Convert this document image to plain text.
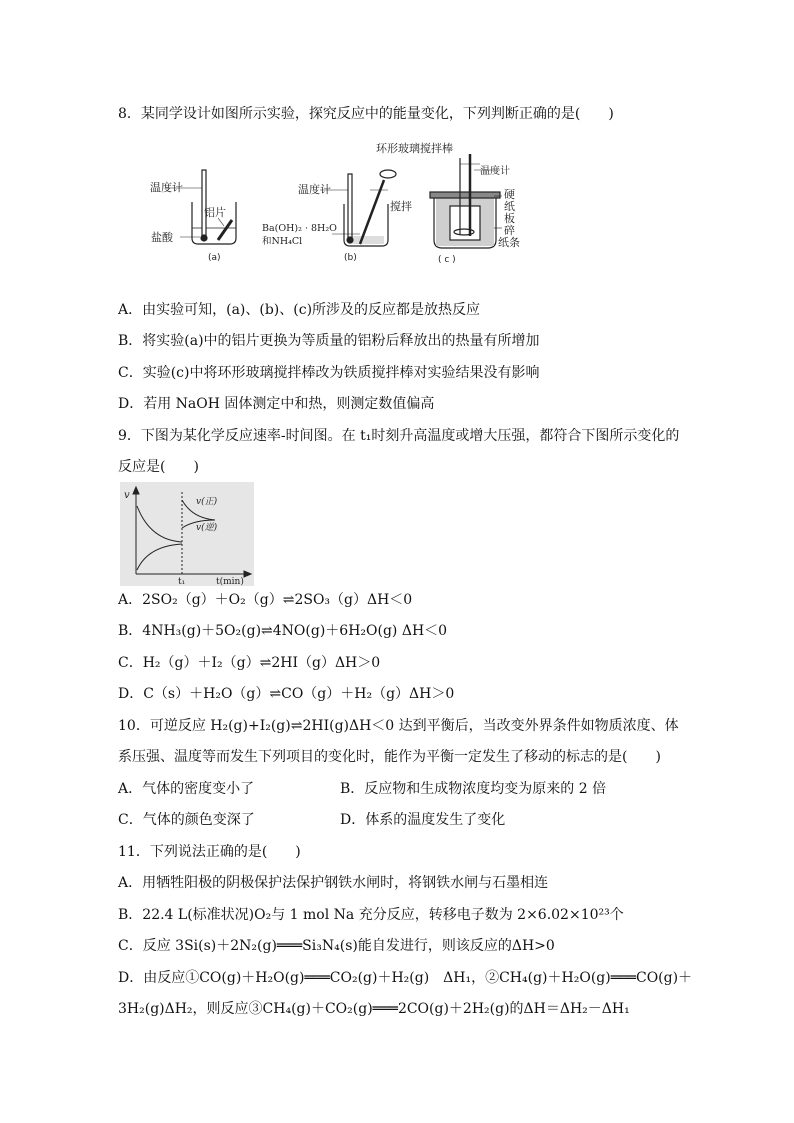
8．某同学设计如图所示实验，探究反应中的能量变化，下列判断正确的是(　　)
温度计
铝片
盐酸
(a)
温度计
搅拌
Ba(OH)₂ · 8H₂O
和NH₄Cl
(b)
环形玻璃搅拌棒
温度计
硬
纸
板
碎
纸条
( c )
A．由实验可知，(a)、(b)、(c)所涉及的反应都是放热反应
B．将实验(a)中的铝片更换为等质量的铝粉后释放出的热量有所增加
C．实验(c)中将环形玻璃搅拌棒改为铁质搅拌棒对实验结果没有影响
D．若用 NaOH 固体测定中和热，则测定数值偏高
9．下图为某化学反应速率-时间图。在 t₁时刻升高温度或增大压强，都符合下图所示变化的
反应是(　　)
v
v(正)
v(逆)
t₁	t(min)
A．2SO₂（g）＋O₂（g）⇌2SO₃（g）ΔH＜0
B．4NH₃(g)＋5O₂(g)⇌4NO(g)＋6H₂O(g) ΔH＜0
C．H₂（g）＋I₂（g）⇌2HI（g）ΔH＞0
D．C（s）＋H₂O（g）⇌CO（g）＋H₂（g）ΔH＞0
10．可逆反应 H₂(g)+I₂(g)⇌2HI(g)ΔH＜0 达到平衡后，当改变外界条件如物质浓度、体
系压强、温度等而发生下列项目的变化时，能作为平衡一定发生了移动的标志的是(　　)
A．气体的密度变小了	B．反应物和生成物浓度均变为原来的 2 倍
C．气体的颜色变深了	D．体系的温度发生了变化
11．下列说法正确的是(　　)
A．用牺牲阳极的阴极保护法保护钢铁水闸时，将钢铁水闸与石墨相连
B．22.4 L(标准状况)O₂与 1 mol Na 充分反应，转移电子数为 2×6.02×10²³个
C．反应 3Si(s)＋2N₂(g)═══Si₃N₄(s)能自发进行，则该反应的ΔH>0
D．由反应①CO(g)＋H₂O(g)═══CO₂(g)＋H₂(g)　ΔH₁，②CH₄(g)＋H₂O(g)═══CO(g)＋
3H₂(g)ΔH₂，则反应③CH₄(g)＋CO₂(g)═══2CO(g)＋2H₂(g)的ΔH＝ΔH₂－ΔH₁
